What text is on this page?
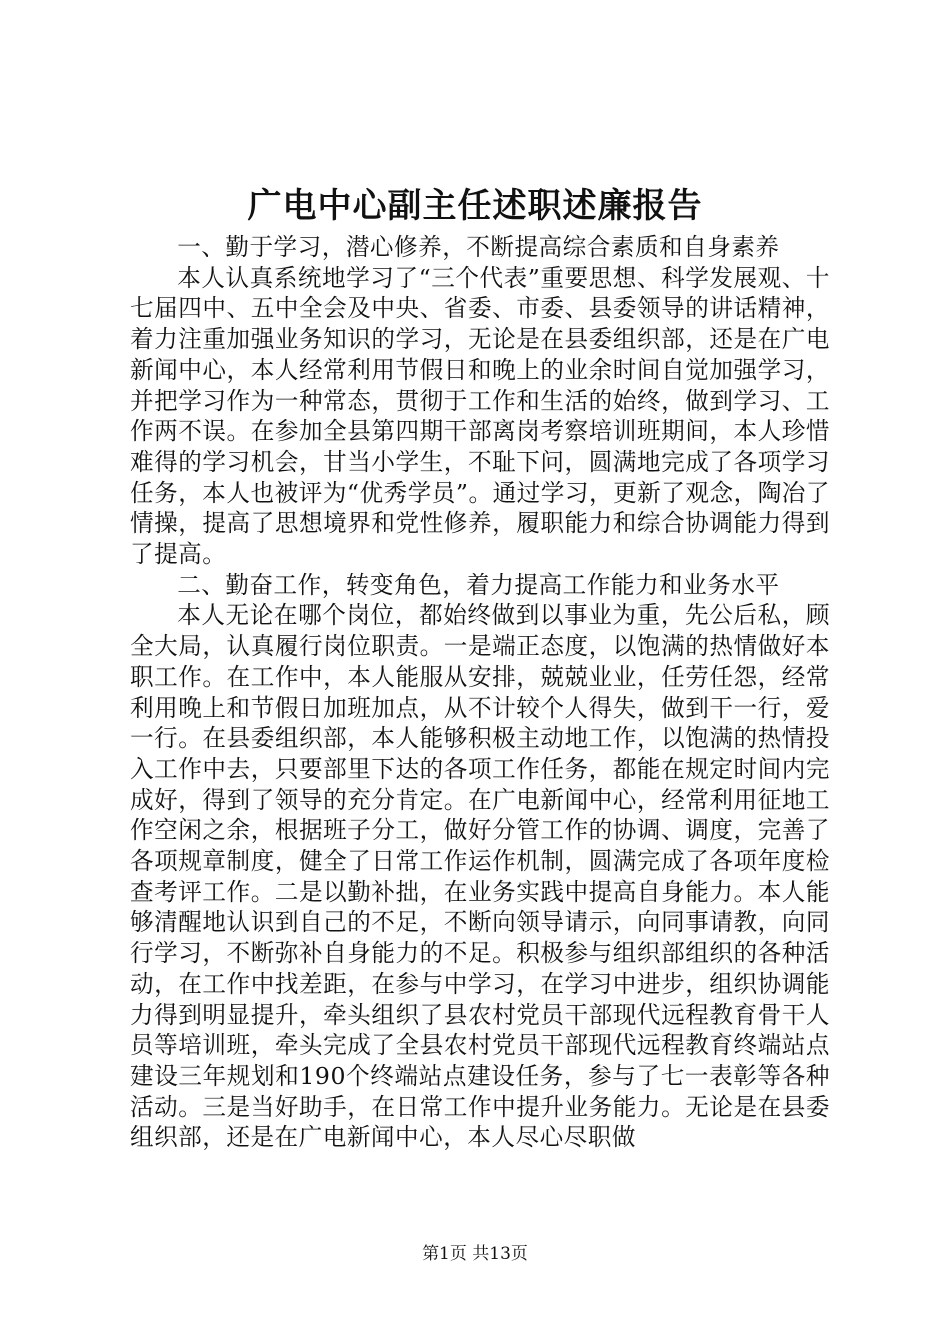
广电中心副主任述职述廉报告

一、勤于学习，潜心修养，不断提高综合素质和自身素养

本人认真系统地学习了“三个代表”重要思想、科学发展观、十七届四中、五中全会及中央、省委、市委、县委领导的讲话精神，着力注重加强业务知识的学习，无论是在县委组织部，还是在广电新闻中心，本人经常利用节假日和晚上的业余时间自觉加强学习，并把学习作为一种常态，贯彻于工作和生活的始终，做到学习、工作两不误。在参加全县第四期干部离岗考察培训班期间，本人珍惜难得的学习机会，甘当小学生，不耻下问，圆满地完成了各项学习任务，本人也被评为“优秀学员”。通过学习，更新了观念，陶冶了情操，提高了思想境界和党性修养，履职能力和综合协调能力得到了提高。

二、勤奋工作，转变角色，着力提高工作能力和业务水平

本人无论在哪个岗位，都始终做到以事业为重，先公后私，顾全大局，认真履行岗位职责。一是端正态度，以饱满的热情做好本职工作。在工作中，本人能服从安排，兢兢业业，任劳任怨，经常利用晚上和节假日加班加点，从不计较个人得失，做到干一行，爱一行。在县委组织部，本人能够积极主动地工作，以饱满的热情投入工作中去，只要部里下达的各项工作任务，都能在规定时间内完成好，得到了领导的充分肯定。在广电新闻中心，经常利用征地工作空闲之余，根据班子分工，做好分管工作的协调、调度，完善了各项规章制度，健全了日常工作运作机制，圆满完成了各项年度检查考评工作。二是以勤补拙，在业务实践中提高自身能力。本人能够清醒地认识到自己的不足，不断向领导请示，向同事请教，向同行学习，不断弥补自身能力的不足。积极参与组织部组织的各种活动，在工作中找差距，在参与中学习，在学习中进步，组织协调能力得到明显提升，牵头组织了县农村党员干部现代远程教育骨干人员等培训班，牵头完成了全县农村党员干部现代远程教育终端站点建设三年规划和190个终端站点建设任务，参与了七一表彰等各种活动。三是当好助手，在日常工作中提升业务能力。无论是在县委组织部，还是在广电新闻中心，本人尽心尽职做

第1页 共13页
